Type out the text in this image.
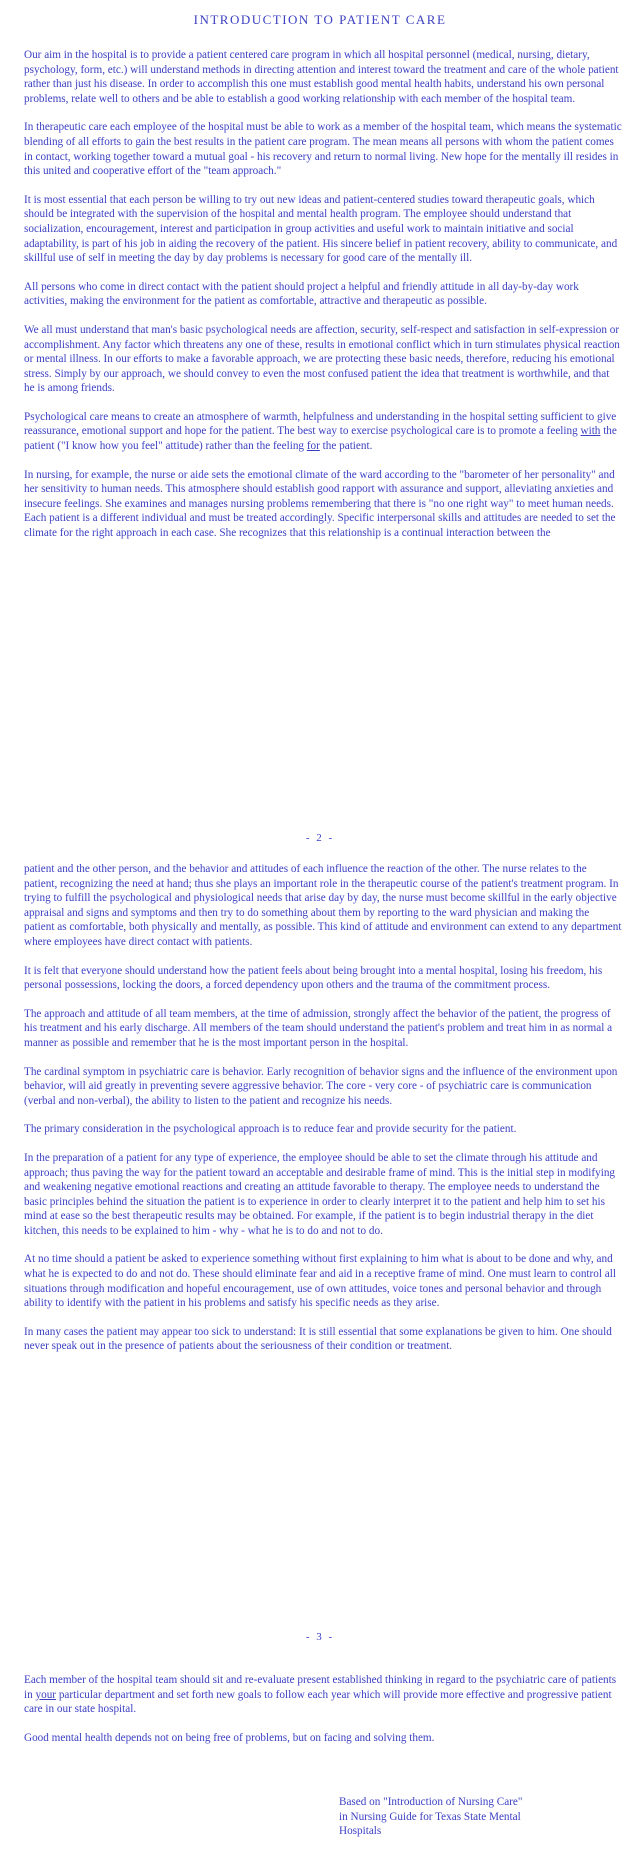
INTRODUCTION TO PATIENT CARE

Our aim in the hospital is to provide a patient centered care program in which all hospital personnel (medical, nursing, dietary, psychology, form, etc.) will understand methods in directing attention and interest toward the treatment and care of the whole patient rather than just his disease. In order to accomplish this one must establish good mental health habits, understand his own personal problems, relate well to others and be able to establish a good working relationship with each member of the hospital team.

In therapeutic care each employee of the hospital must be able to work as a member of the hospital team, which means the systematic blending of all efforts to gain the best results in the patient care program. The mean means all persons with whom the patient comes in contact, working together toward a mutual goal - his recovery and return to normal living. New hope for the mentally ill resides in this united and cooperative effort of the "team approach."

It is most essential that each person be willing to try out new ideas and patient-centered studies toward therapeutic goals, which should be integrated with the supervision of the hospital and mental health program. The employee should understand that socialization, encouragement, interest and participation in group activities and useful work to maintain initiative and social adaptability, is part of his job in aiding the recovery of the patient. His sincere belief in patient recovery, ability to communicate, and skillful use of self in meeting the day by day problems is necessary for good care of the mentally ill.

All persons who come in direct contact with the patient should project a helpful and friendly attitude in all day-by-day work activities, making the environment for the patient as comfortable, attractive and therapeutic as possible.

We all must understand that man's basic psychological needs are affection, security, self-respect and satisfaction in self-expression or accomplishment. Any factor which threatens any one of these, results in emotional conflict which in turn stimulates physical reaction or mental illness. In our efforts to make a favorable approach, we are protecting these basic needs, therefore, reducing his emotional stress. Simply by our approach, we should convey to even the most confused patient the idea that treatment is worthwhile, and that he is among friends.

Psychological care means to create an atmosphere of warmth, helpfulness and understanding in the hospital setting sufficient to give reassurance, emotional support and hope for the patient. The best way to exercise psychological care is to promote a feeling with the patient ("I know how you feel" attitude) rather than the feeling for the patient.

In nursing, for example, the nurse or aide sets the emotional climate of the ward according to the "barometer of her personality" and her sensitivity to human needs. This atmosphere should establish good rapport with assurance and support, alleviating anxieties and insecure feelings. She examines and manages nursing problems remembering that there is "no one right way" to meet human needs. Each patient is a different individual and must be treated accordingly. Specific interpersonal skills and attitudes are needed to set the climate for the right approach in each case. She recognizes that this relationship is a continual interaction between the

- 2 -

patient and the other person, and the behavior and attitudes of each influence the reaction of the other. The nurse relates to the patient, recognizing the need at hand; thus she plays an important role in the therapeutic course of the patient's treatment program. In trying to fulfill the psychological and physiological needs that arise day by day, the nurse must become skillful in the early objective appraisal and signs and symptoms and then try to do something about them by reporting to the ward physician and making the patient as comfortable, both physically and mentally, as possible. This kind of attitude and environment can extend to any department where employees have direct contact with patients.

It is felt that everyone should understand how the patient feels about being brought into a mental hospital, losing his freedom, his personal possessions, locking the doors, a forced dependency upon others and the trauma of the commitment process.

The approach and attitude of all team members, at the time of admission, strongly affect the behavior of the patient, the progress of his treatment and his early discharge. All members of the team should understand the patient's problem and treat him in as normal a manner as possible and remember that he is the most important person in the hospital.

The cardinal symptom in psychiatric care is behavior. Early recognition of behavior signs and the influence of the environment upon behavior, will aid greatly in preventing severe aggressive behavior. The core - very core - of psychiatric care is communication (verbal and non-verbal), the ability to listen to the patient and recognize his needs.

The primary consideration in the psychological approach is to reduce fear and provide security for the patient.

In the preparation of a patient for any type of experience, the employee should be able to set the climate through his attitude and approach; thus paving the way for the patient toward an acceptable and desirable frame of mind. This is the initial step in modifying and weakening negative emotional reactions and creating an attitude favorable to therapy. The employee needs to understand the basic principles behind the situation the patient is to experience in order to clearly interpret it to the patient and help him to set his mind at ease so the best therapeutic results may be obtained. For example, if the patient is to begin industrial therapy in the diet kitchen, this needs to be explained to him - why - what he is to do and not to do.

At no time should a patient be asked to experience something without first explaining to him what is about to be done and why, and what he is expected to do and not do. These should eliminate fear and aid in a receptive frame of mind. One must learn to control all situations through modification and hopeful encouragement, use of own attitudes, voice tones and personal behavior and through ability to identify with the patient in his problems and satisfy his specific needs as they arise.

In many cases the patient may appear too sick to understand: It is still essential that some explanations be given to him. One should never speak out in the presence of patients about the seriousness of their condition or treatment.

- 3 -

Each member of the hospital team should sit and re-evaluate present established thinking in regard to the psychiatric care of patients in your particular department and set forth new goals to follow each year which will provide more effective and progressive patient care in our state hospital.

Good mental health depends not on being free of problems, but on facing and solving them.

Based on "Introduction of Nursing Care"
in Nursing Guide for Texas State Mental
Hospitals
